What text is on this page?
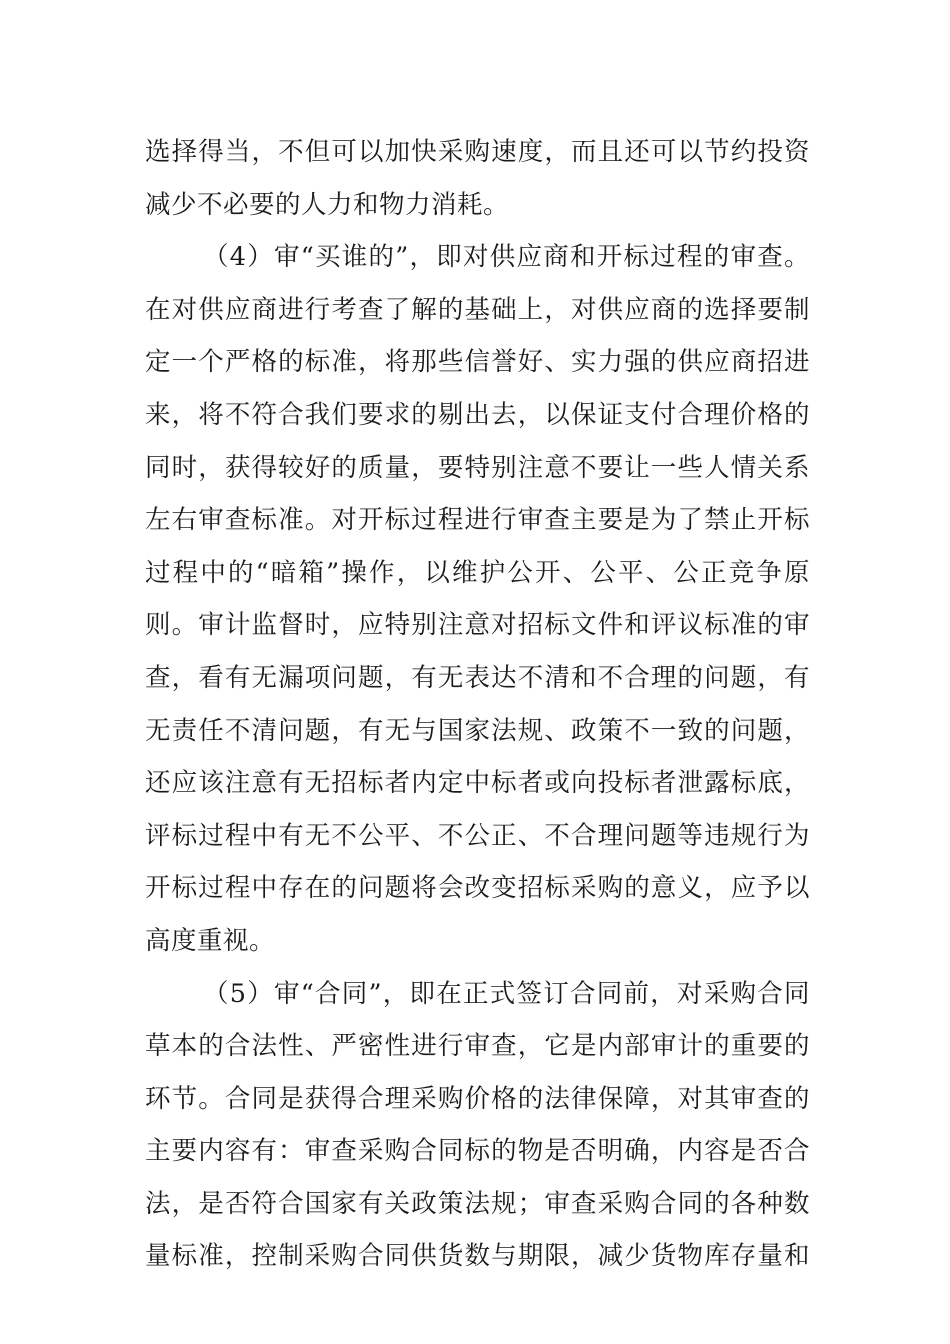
选择得当，不但可以加快采购速度，而且还可以节约投资
减少不必要的人力和物力消耗。
（4）审“买谁的”，即对供应商和开标过程的审查。
在对供应商进行考查了解的基础上，对供应商的选择要制
定一个严格的标准，将那些信誉好、实力强的供应商招进
来，将不符合我们要求的剔出去，以保证支付合理价格的
同时，获得较好的质量，要特别注意不要让一些人情关系
左右审查标准。对开标过程进行审查主要是为了禁止开标
过程中的“暗箱”操作，以维护公开、公平、公正竞争原
则。审计监督时，应特别注意对招标文件和评议标准的审
查，看有无漏项问题，有无表达不清和不合理的问题，有
无责任不清问题，有无与国家法规、政策不一致的问题，
还应该注意有无招标者内定中标者或向投标者泄露标底，
评标过程中有无不公平、不公正、不合理问题等违规行为
开标过程中存在的问题将会改变招标采购的意义，应予以
高度重视。
（5）审“合同”，即在正式签订合同前，对采购合同
草本的合法性、严密性进行审查，它是内部审计的重要的
环节。合同是获得合理采购价格的法律保障，对其审查的
主要内容有：审查采购合同标的物是否明确，内容是否合
法，是否符合国家有关政策法规；审查采购合同的各种数
量标准，控制采购合同供货数与期限，减少货物库存量和
